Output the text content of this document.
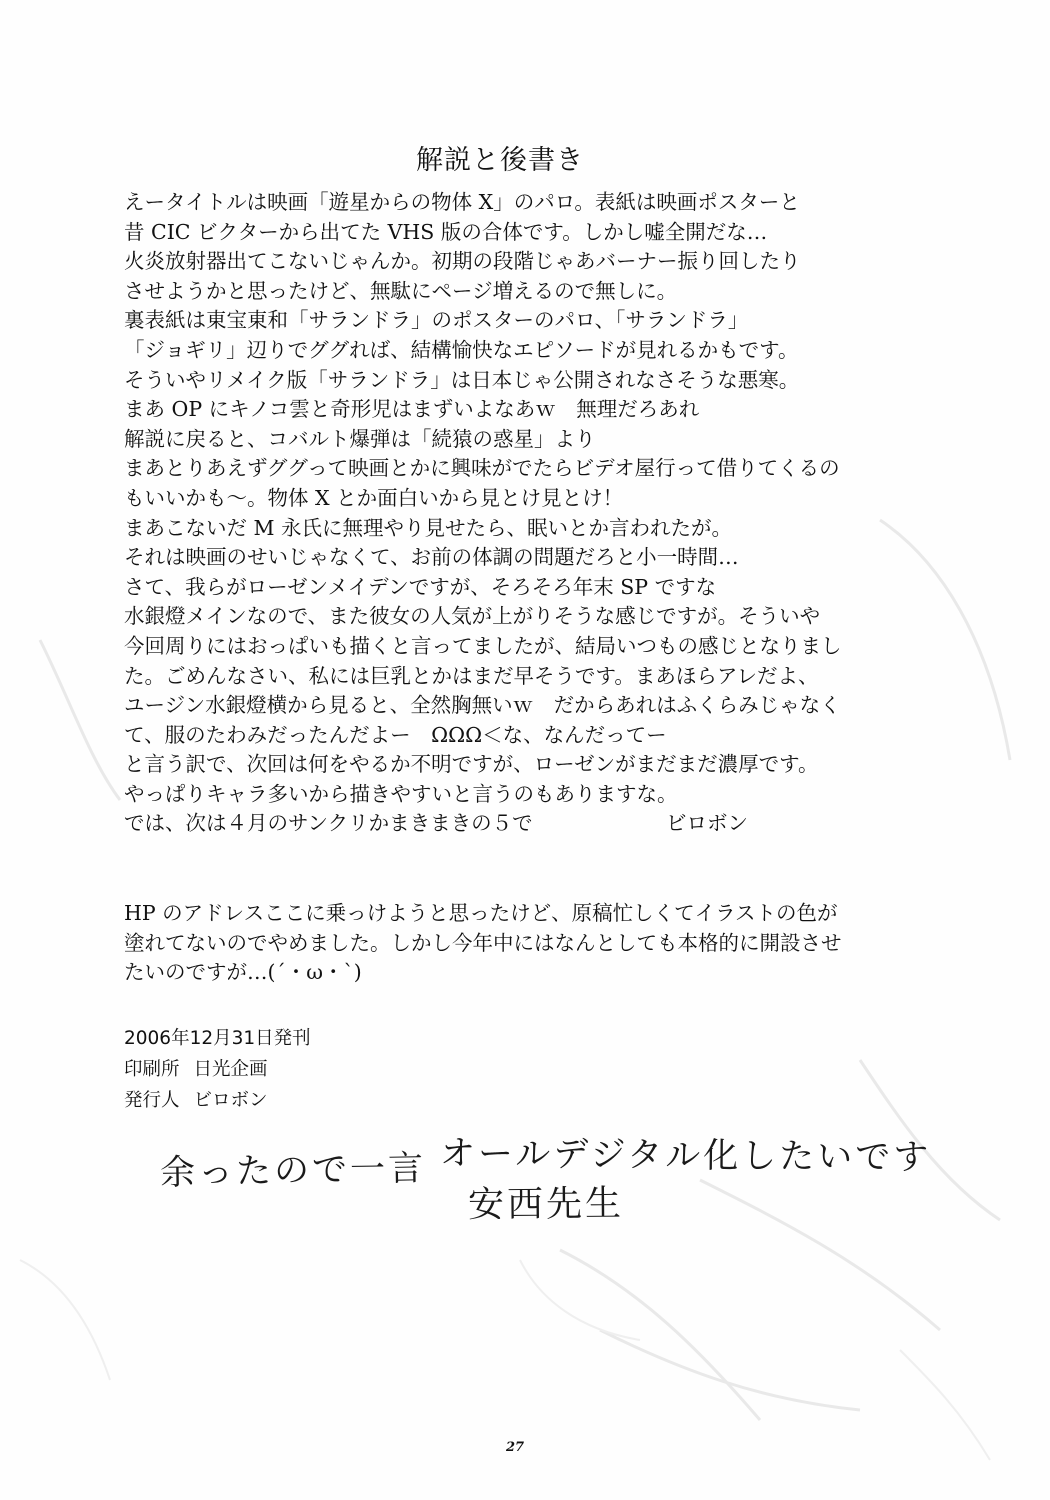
解説と後書き
えータイトルは映画「遊星からの物体 X」のパロ。表紙は映画ポスターと
昔 CIC ビクターから出てた VHS 版の合体です。しかし嘘全開だな…
火炎放射器出てこないじゃんか。初期の段階じゃあバーナー振り回したり
させようかと思ったけど、無駄にページ増えるので無しに。
裏表紙は東宝東和「サランドラ」のポスターのパロ、「サランドラ」
「ジョギリ」辺りでググれば、結構愉快なエピソードが見れるかもです。
そういやリメイク版「サランドラ」は日本じゃ公開されなさそうな悪寒。
まあ OP にキノコ雲と奇形児はまずいよなあｗ　無理だろあれ
解説に戻ると、コバルト爆弾は「続猿の惑星」より
まあとりあえずググって映画とかに興味がでたらビデオ屋行って借りてくるの
もいいかも～。物体 X とか面白いから見とけ見とけ！
まあこないだ M 永氏に無理やり見せたら、眠いとか言われたが。
それは映画のせいじゃなくて、お前の体調の問題だろと小一時間…
さて、我らがローゼンメイデンですが、そろそろ年末 SP ですな
水銀燈メインなので、また彼女の人気が上がりそうな感じですが。そういや
今回周りにはおっぱいも描くと言ってましたが、結局いつもの感じとなりまし
た。ごめんなさい、私には巨乳とかはまだ早そうです。まあほらアレだよ、
ユージン水銀燈横から見ると、全然胸無いｗ　だからあれはふくらみじゃなく
て、服のたわみだったんだよー　ΩΩΩ＜な、なんだってー
と言う訳で、次回は何をやるか不明ですが、ローゼンがまだまだ濃厚です。
やっぱりキャラ多いから描きやすいと言うのもありますな。
では、次は４月のサンクリかまきまきの５で	ビロボン
HP のアドレスここに乗っけようと思ったけど、原稿忙しくてイラストの色が
塗れてないのでやめました。しかし今年中にはなんとしても本格的に開設させ
たいのですが…(´・ω・`)
2006年12月31日発刊
印刷所 日光企画
発行人 ビロボン
余ったので一言 オールデジタル化したいです
安西先生
27
